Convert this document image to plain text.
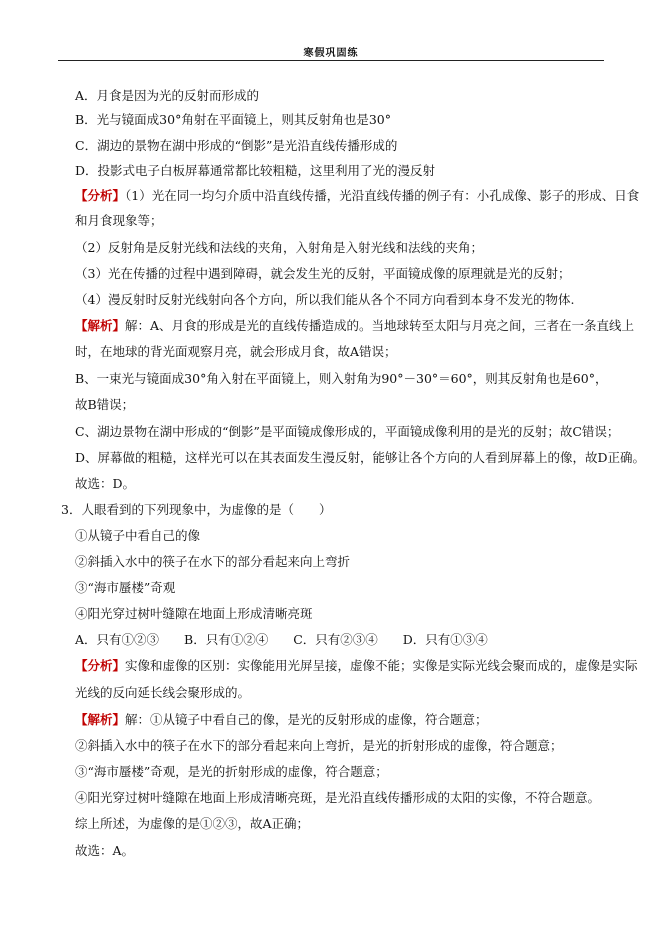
寒假巩固练
A．月食是因为光的反射而形成的
B．光与镜面成30°角射在平面镜上，则其反射角也是30°
C．湖边的景物在湖中形成的“倒影”是光沿直线传播形成的
D．投影式电子白板屏幕通常都比较粗糙，这里利用了光的漫反射
【分析】（1）光在同一均匀介质中沿直线传播，光沿直线传播的例子有：小孔成像、影子的形成、日食
和月食现象等；
（2）反射角是反射光线和法线的夹角，入射角是入射光线和法线的夹角；
（3）光在传播的过程中遇到障碍，就会发生光的反射，平面镜成像的原理就是光的反射；
（4）漫反射时反射光线射向各个方向，所以我们能从各个不同方向看到本身不发光的物体.
【解析】解：A、月食的形成是光的直线传播造成的。当地球转至太阳与月亮之间，三者在一条直线上
时，在地球的背光面观察月亮，就会形成月食，故A错误；
B、一束光与镜面成30°角入射在平面镜上，则入射角为90°－30°＝60°，则其反射角也是60°，
故B错误；
C、湖边景物在湖中形成的“倒影”是平面镜成像形成的，平面镜成像利用的是光的反射；故C错误；
D、屏幕做的粗糙，这样光可以在其表面发生漫反射，能够让各个方向的人看到屏幕上的像，故D正确。
故选：D。
3．人眼看到的下列现象中，为虚像的是（　　）
①从镜子中看自己的像
②斜插入水中的筷子在水下的部分看起来向上弯折
③“海市蜃楼”奇观
④阳光穿过树叶缝隙在地面上形成清晰亮斑
A．只有①②③　　B．只有①②④　　C．只有②③④　　D．只有①③④
【分析】实像和虚像的区别：实像能用光屏呈接，虚像不能；实像是实际光线会聚而成的，虚像是实际
光线的反向延长线会聚形成的。
【解析】解：①从镜子中看自己的像，是光的反射形成的虚像，符合题意；
②斜插入水中的筷子在水下的部分看起来向上弯折，是光的折射形成的虚像，符合题意；
③“海市蜃楼”奇观，是光的折射形成的虚像，符合题意；
④阳光穿过树叶缝隙在地面上形成清晰亮斑，是光沿直线传播形成的太阳的实像，不符合题意。
综上所述，为虚像的是①②③，故A正确；
故选：A。
